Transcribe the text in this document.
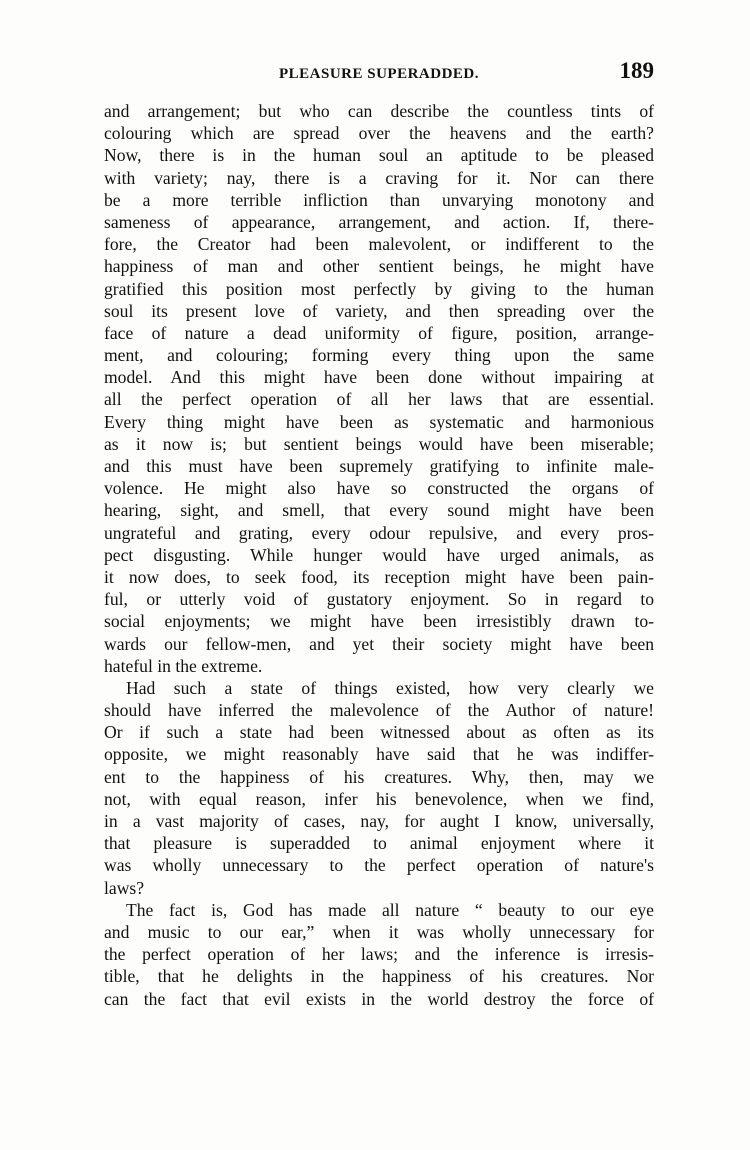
PLEASURE SUPERADDED.	189
and arrangement; but who can describe the countless tints of
colouring which are spread over the heavens and the earth?
Now, there is in the human soul an aptitude to be pleased
with variety; nay, there is a craving for it. Nor can there
be a more terrible infliction than unvarying monotony and
sameness of appearance, arrangement, and action. If, there-
fore, the Creator had been malevolent, or indifferent to the
happiness of man and other sentient beings, he might have
gratified this position most perfectly by giving to the human
soul its present love of variety, and then spreading over the
face of nature a dead uniformity of figure, position, arrange-
ment, and colouring; forming every thing upon the same
model. And this might have been done without impairing at
all the perfect operation of all her laws that are essential.
Every thing might have been as systematic and harmonious
as it now is; but sentient beings would have been miserable;
and this must have been supremely gratifying to infinite male-
volence. He might also have so constructed the organs of
hearing, sight, and smell, that every sound might have been
ungrateful and grating, every odour repulsive, and every pros-
pect disgusting. While hunger would have urged animals, as
it now does, to seek food, its reception might have been pain-
ful, or utterly void of gustatory enjoyment. So in regard to
social enjoyments; we might have been irresistibly drawn to-
wards our fellow-men, and yet their society might have been
hateful in the extreme.
Had such a state of things existed, how very clearly we
should have inferred the malevolence of the Author of nature!
Or if such a state had been witnessed about as often as its
opposite, we might reasonably have said that he was indiffer-
ent to the happiness of his creatures. Why, then, may we
not, with equal reason, infer his benevolence, when we find,
in a vast majority of cases, nay, for aught I know, universally,
that pleasure is superadded to animal enjoyment where it
was wholly unnecessary to the perfect operation of nature's
laws?
The fact is, God has made all nature “ beauty to our eye
and music to our ear,” when it was wholly unnecessary for
the perfect operation of her laws; and the inference is irresis-
tible, that he delights in the happiness of his creatures. Nor
can the fact that evil exists in the world destroy the force of
